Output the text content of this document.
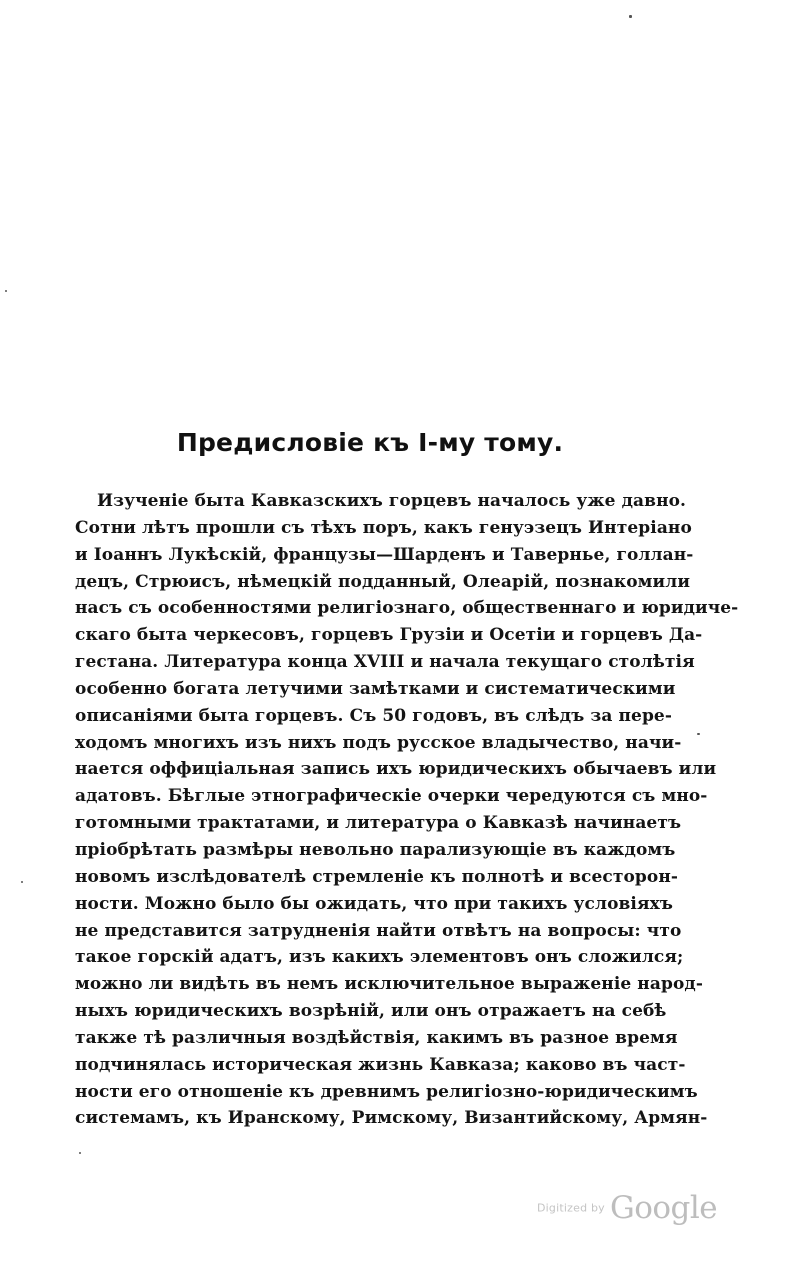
Предисловіе къ I-му тому.
Изученіе быта Кавказскихъ горцевъ началось уже давно.
Сотни лѣтъ прошли съ тѣхъ поръ, какъ генуэзецъ Интеріано
и Іоаннъ Лукѣскій, французы—Шарденъ и Тавернье, голлан-
децъ, Стрюисъ, нѣмецкій подданный, Олеарій, познакомили
насъ съ особенностями религіознаго, общественнаго и юридиче-
скаго быта черкесовъ, горцевъ Грузіи и Осетіи и горцевъ Да-
гестана. Литература конца XVIII и начала текущаго столѣтія
особенно богата летучими замѣтками и систематическими
описаніями быта горцевъ. Съ 50 годовъ, въ слѣдъ за пере-
ходомъ многихъ изъ нихъ подъ русское владычество, начи-
нается оффиціальная запись ихъ юридическихъ обычаевъ или
адатовъ. Бѣглые этнографическіе очерки чередуются съ мно-
готомными трактатами, и литература о Кавказѣ начинаетъ
пріобрѣтать размѣры невольно парализующіе въ каждомъ
новомъ изслѣдователѣ стремленіе къ полнотѣ и всесторон-
ности. Можно было бы ожидать, что при такихъ условіяхъ
не представится затрудненія найти отвѣтъ на вопросы: что
такое горскій адатъ, изъ какихъ элементовъ онъ сложился;
можно ли видѣть въ немъ исключительное выраженіе народ-
ныхъ юридическихъ возрѣній, или онъ отражаетъ на себѣ
также тѣ различныя воздѣйствія, какимъ въ разное время
подчинялась историческая жизнь Кавказа; каково въ част-
ности его отношеніе къ древнимъ религіозно-юридическимъ
системамъ, къ Иранскому, Римскому, Византийскому, Армян-
Digitized by Google
